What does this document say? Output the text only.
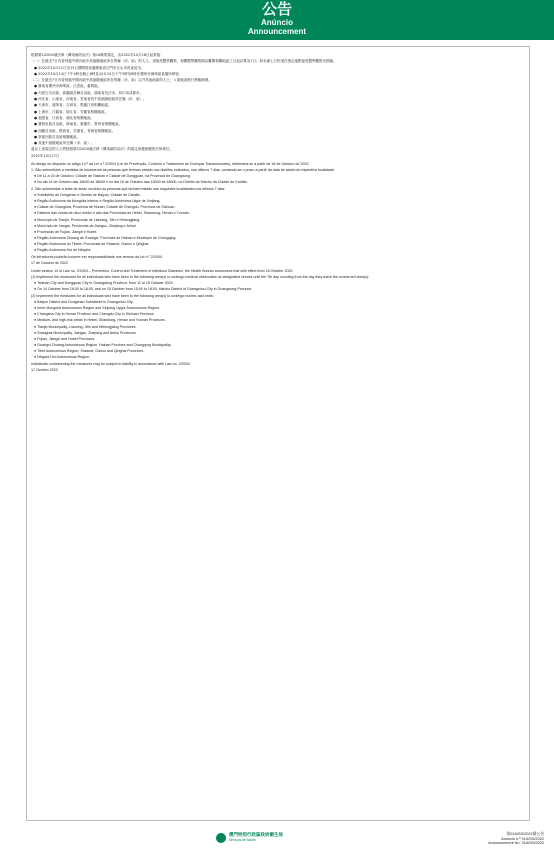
公告
Anúncio
Announcement
根據第2/2004號法律《傳染病防治法》第14條的規定，由2022年10月18日起實施：
（一）在最近7日內曾到過中國內地中高風險地區所在的縣（市、區）的人士，須接受醫學觀察，相關醫學觀察期由離開相關地區之日起計算為7日；如未滿七日的須在指定地點接受醫學觀察至期滿。
● 2022年10月11日至15日期間曾到過廣東省江門市台山市或東莞市。
● 2022年10月14日下午4時至晚上6時及10月15日下午3時至6時在廣州市海珠區某場所停留。
（二）在最近7日內曾到過中國內地中高風險地區所在的縣（市、區）以外其他地區的人士，入境後須進行核酸檢測。
● 廣東省廣州市海珠區、白雲區、番禺區。
● 內蒙古自治區、新疆維吾爾自治區、湖南省長沙市、四川省成都市。
● 河北省、山東省、河南省、雲南省的中高風險地區所在縣（市、區）。
● 天津市、遼寧省、吉林省、黑龍江省相關地區。
● 上海市、江蘇省、浙江省、安徽省相關地區。
● 福建省、江西省、湖北省相關地區。
● 廣西壯族自治區、海南省、重慶市、貴州省相關地區。
● 西藏自治區、陝西省、甘肅省、青海省相關地區。
● 寧夏回族自治區相關地區。
● 其他中風險地區所在縣（市、區）。
違反上述規定的人士將按照第2/2004號法律《傳染病防治法》的規定承擔相應的法律責任。
2022年10月17日
Ao abrigo do disposto no artigo 14.º da Lei n.º 2/2004 (Lei de Prevenção, Controlo e Tratamento de Doenças Transmissíveis), determina-se a partir de 18 de Outubro de 2022:
1. São submetidos a medidas de isolamento as pessoas que tenham estado nos distritos indicados, nos últimos 7 dias, contando-se o prazo a partir da data de saída da respectiva localidade:
● De 11 a 15 de Outubro: Cidade de Taishan e Cidade de Dongguan, na Província de Guangdong.
● No dia 14 de Outubro das 16h00 às 18h00 e no dia 15 de Outubro das 15h00 às 18h00, no Distrito de Haizhu da Cidade de Cantão.
2. São submetidas a teste de ácido nucleico as pessoas que tenham estado nas seguintes localidades nos últimos 7 dias:
● Subdistrito de Dongzhan e Distrito de Baiyun, Cidade de Cantão.
● Região Autónoma da Mongólia Interior e Região Autónoma Uigur de Xinjiang.
● Cidade de Changsha, Província de Hunan; Cidade de Chengdu, Província de Sichuan.
● Distritos das zonas de risco médio e alto das Províncias de Hebei, Shandong, Henan e Yunnan.
● Município de Tianjin, Províncias de Liaoning, Jilin e Heilongjiang.
● Município de Xangai, Províncias de Jiangsu, Zhejiang e Anhui.
● Províncias de Fujian, Jiangxi e Hubei.
● Região Autónoma Zhuang de Guangxi, Província de Hainan e Município de Chongqing.
● Região Autónoma do Tibete, Províncias de Shaanxi, Gansu e Qinghai.
● Região Autónoma Hui de Ningxia.
Os infractores poderão incorrer em responsabilidade nos termos da Lei n.º 2/2004.
17 de Outubro de 2022
Under section 14 of Law no. 2/2004 – Prevention, Control and Treatment of Infectious Diseases, the Health Bureau announces that with effect from 18 October 2022:
(1) Implement the measures for all individuals who have been to the following area(s) to undergo medical observation at designated venues until the 7th day counting from the day they leave the concerned area(s):
● Taishan City and Dongguan City in Guangdong Province, from 11 to 15 October 2022.
● On 14 October from 16:00 to 18:00, and on 15 October from 15:00 to 18:00, Haizhu District of Guangzhou City in Guangdong Province.
(2) Implement the measures for all individuals who have been to the following area(s) to undergo nucleic acid tests:
● Baiyun District and Dongzhan Subdistrict in Guangzhou City.
● Inner Mongolia Autonomous Region and Xinjiang Uygur Autonomous Region.
● Changsha City in Hunan Province and Chengdu City in Sichuan Province.
● Medium- and high-risk areas in Hebei, Shandong, Henan and Yunnan Provinces.
● Tianjin Municipality, Liaoning, Jilin and Heilongjiang Provinces.
● Shanghai Municipality, Jiangsu, Zhejiang and Anhui Provinces.
● Fujian, Jiangxi and Hubei Provinces.
● Guangxi Zhuang Autonomous Region, Hainan Province and Chongqing Municipality.
● Tibet Autonomous Region, Shaanxi, Gansu and Qinghai Provinces.
● Ningxia Hui Autonomous Region.
Individuals contravening the measures may be subject to liability in accordance with Law no. 2/2004.
17 October 2022
澳門特別行政區政府衛生局
Serviços de Saúde
第01A/SS/2022號公告
Anúncio n.º 01A/SS/2022
Announcement No. 01A/SS/2022
